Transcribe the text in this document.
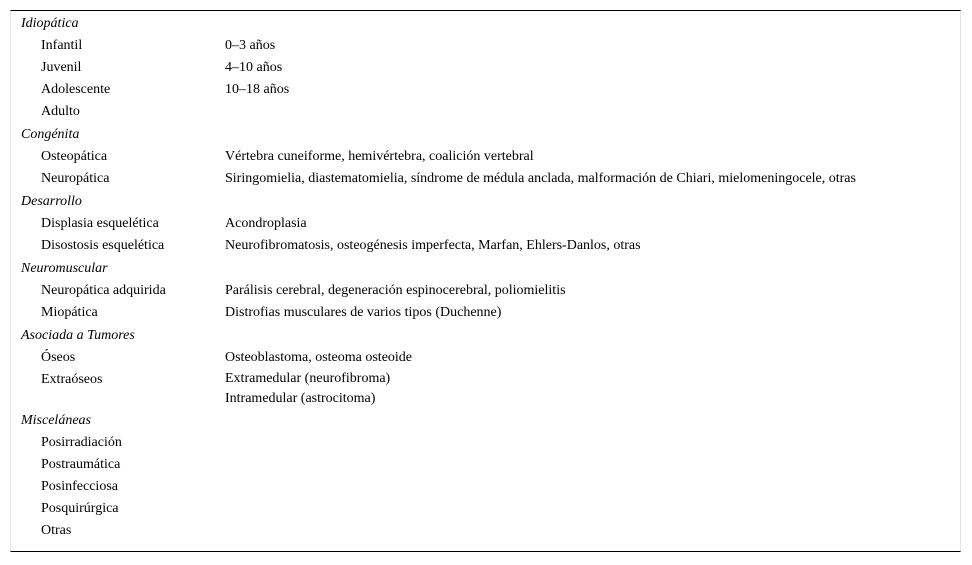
Idiopática
Infantil	0–3 años
Juvenil	4–10 años
Adolescente	10–18 años
Adulto
Congénita
Osteopática	Vértebra cuneiforme, hemivértebra, coalición vertebral
Neuropática	Siringomielia, diastematomielia, síndrome de médula anclada, malformación de Chiari, mielomeningocele, otras
Desarrollo
Displasia esquelética	Acondroplasia
Disostosis esquelética	Neurofibromatosis, osteogénesis imperfecta, Marfan, Ehlers-Danlos, otras
Neuromuscular
Neuropática adquirida	Parálisis cerebral, degeneración espinocerebral, poliomielitis
Miopática	Distrofias musculares de varios tipos (Duchenne)
Asociada a Tumores
Óseos	Osteoblastoma, osteoma osteoide
Extraóseos	Extramedular (neurofibroma)
Intramedular (astrocitoma)
Misceláneas
Posirradiación
Postraumática
Posinfecciosa
Posquirúrgica
Otras
